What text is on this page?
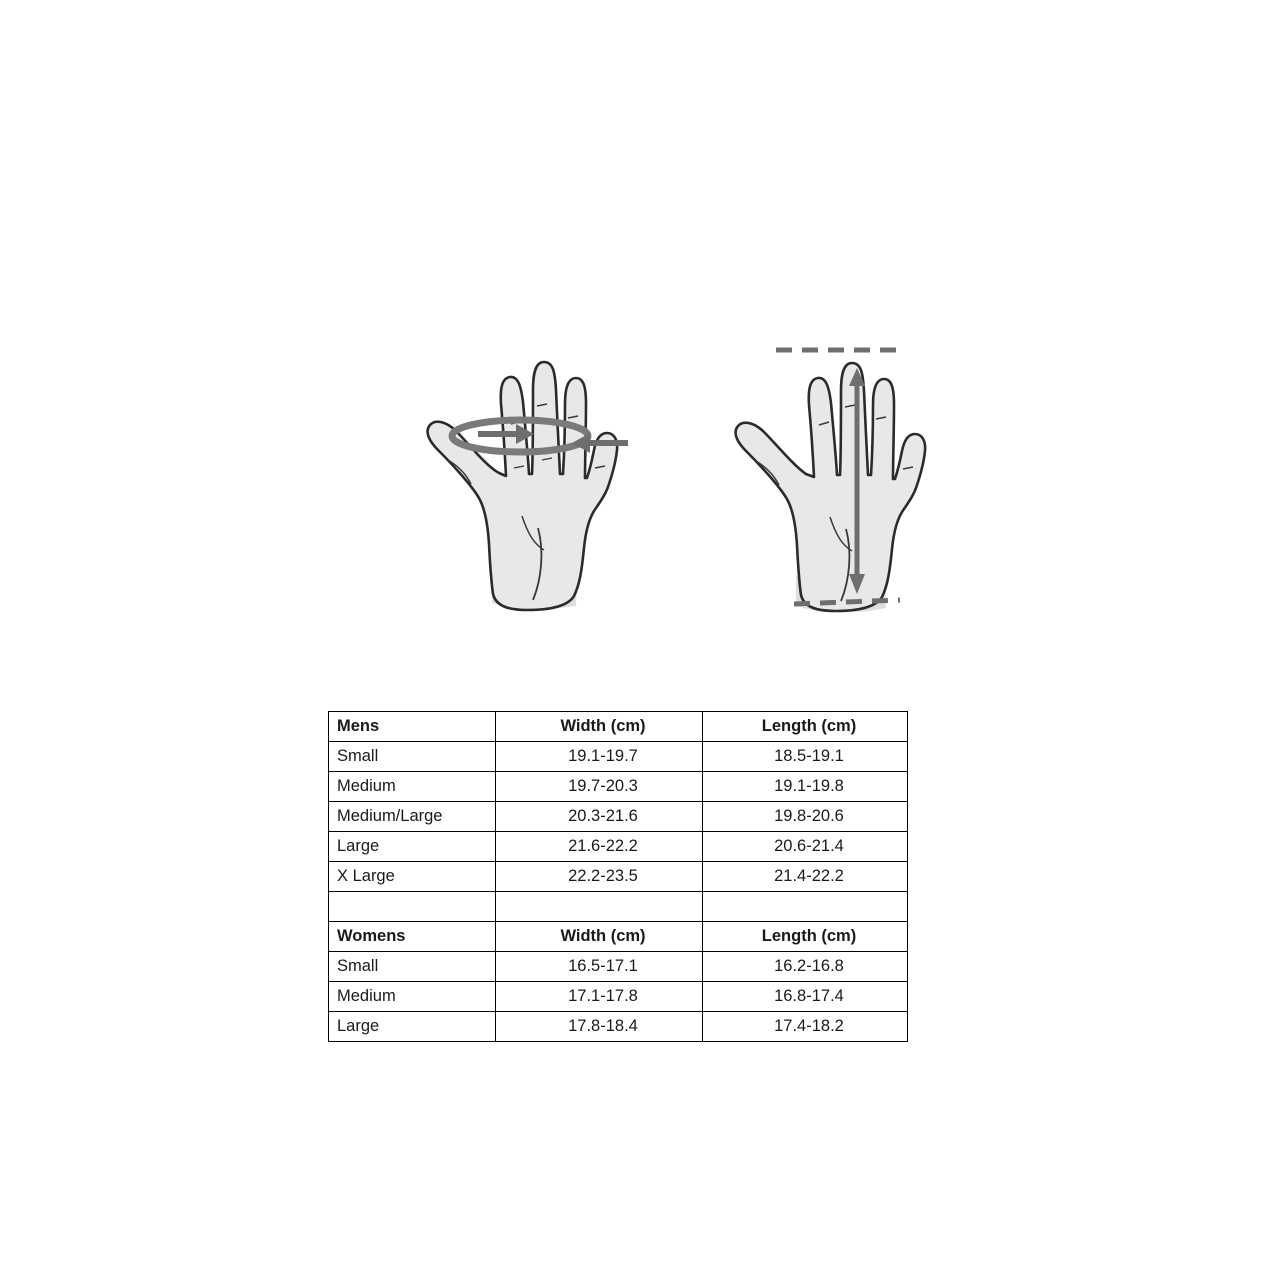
Mens	Width (cm)	Length (cm)
Small	19.1-19.7	18.5-19.1
Medium	19.7-20.3	19.1-19.8
Medium/Large	20.3-21.6	19.8-20.6
Large	21.6-22.2	20.6-21.4
X Large	22.2-23.5	21.4-22.2

Womens	Width (cm)	Length (cm)
Small	16.5-17.1	16.2-16.8
Medium	17.1-17.8	16.8-17.4
Large	17.8-18.4	17.4-18.2
